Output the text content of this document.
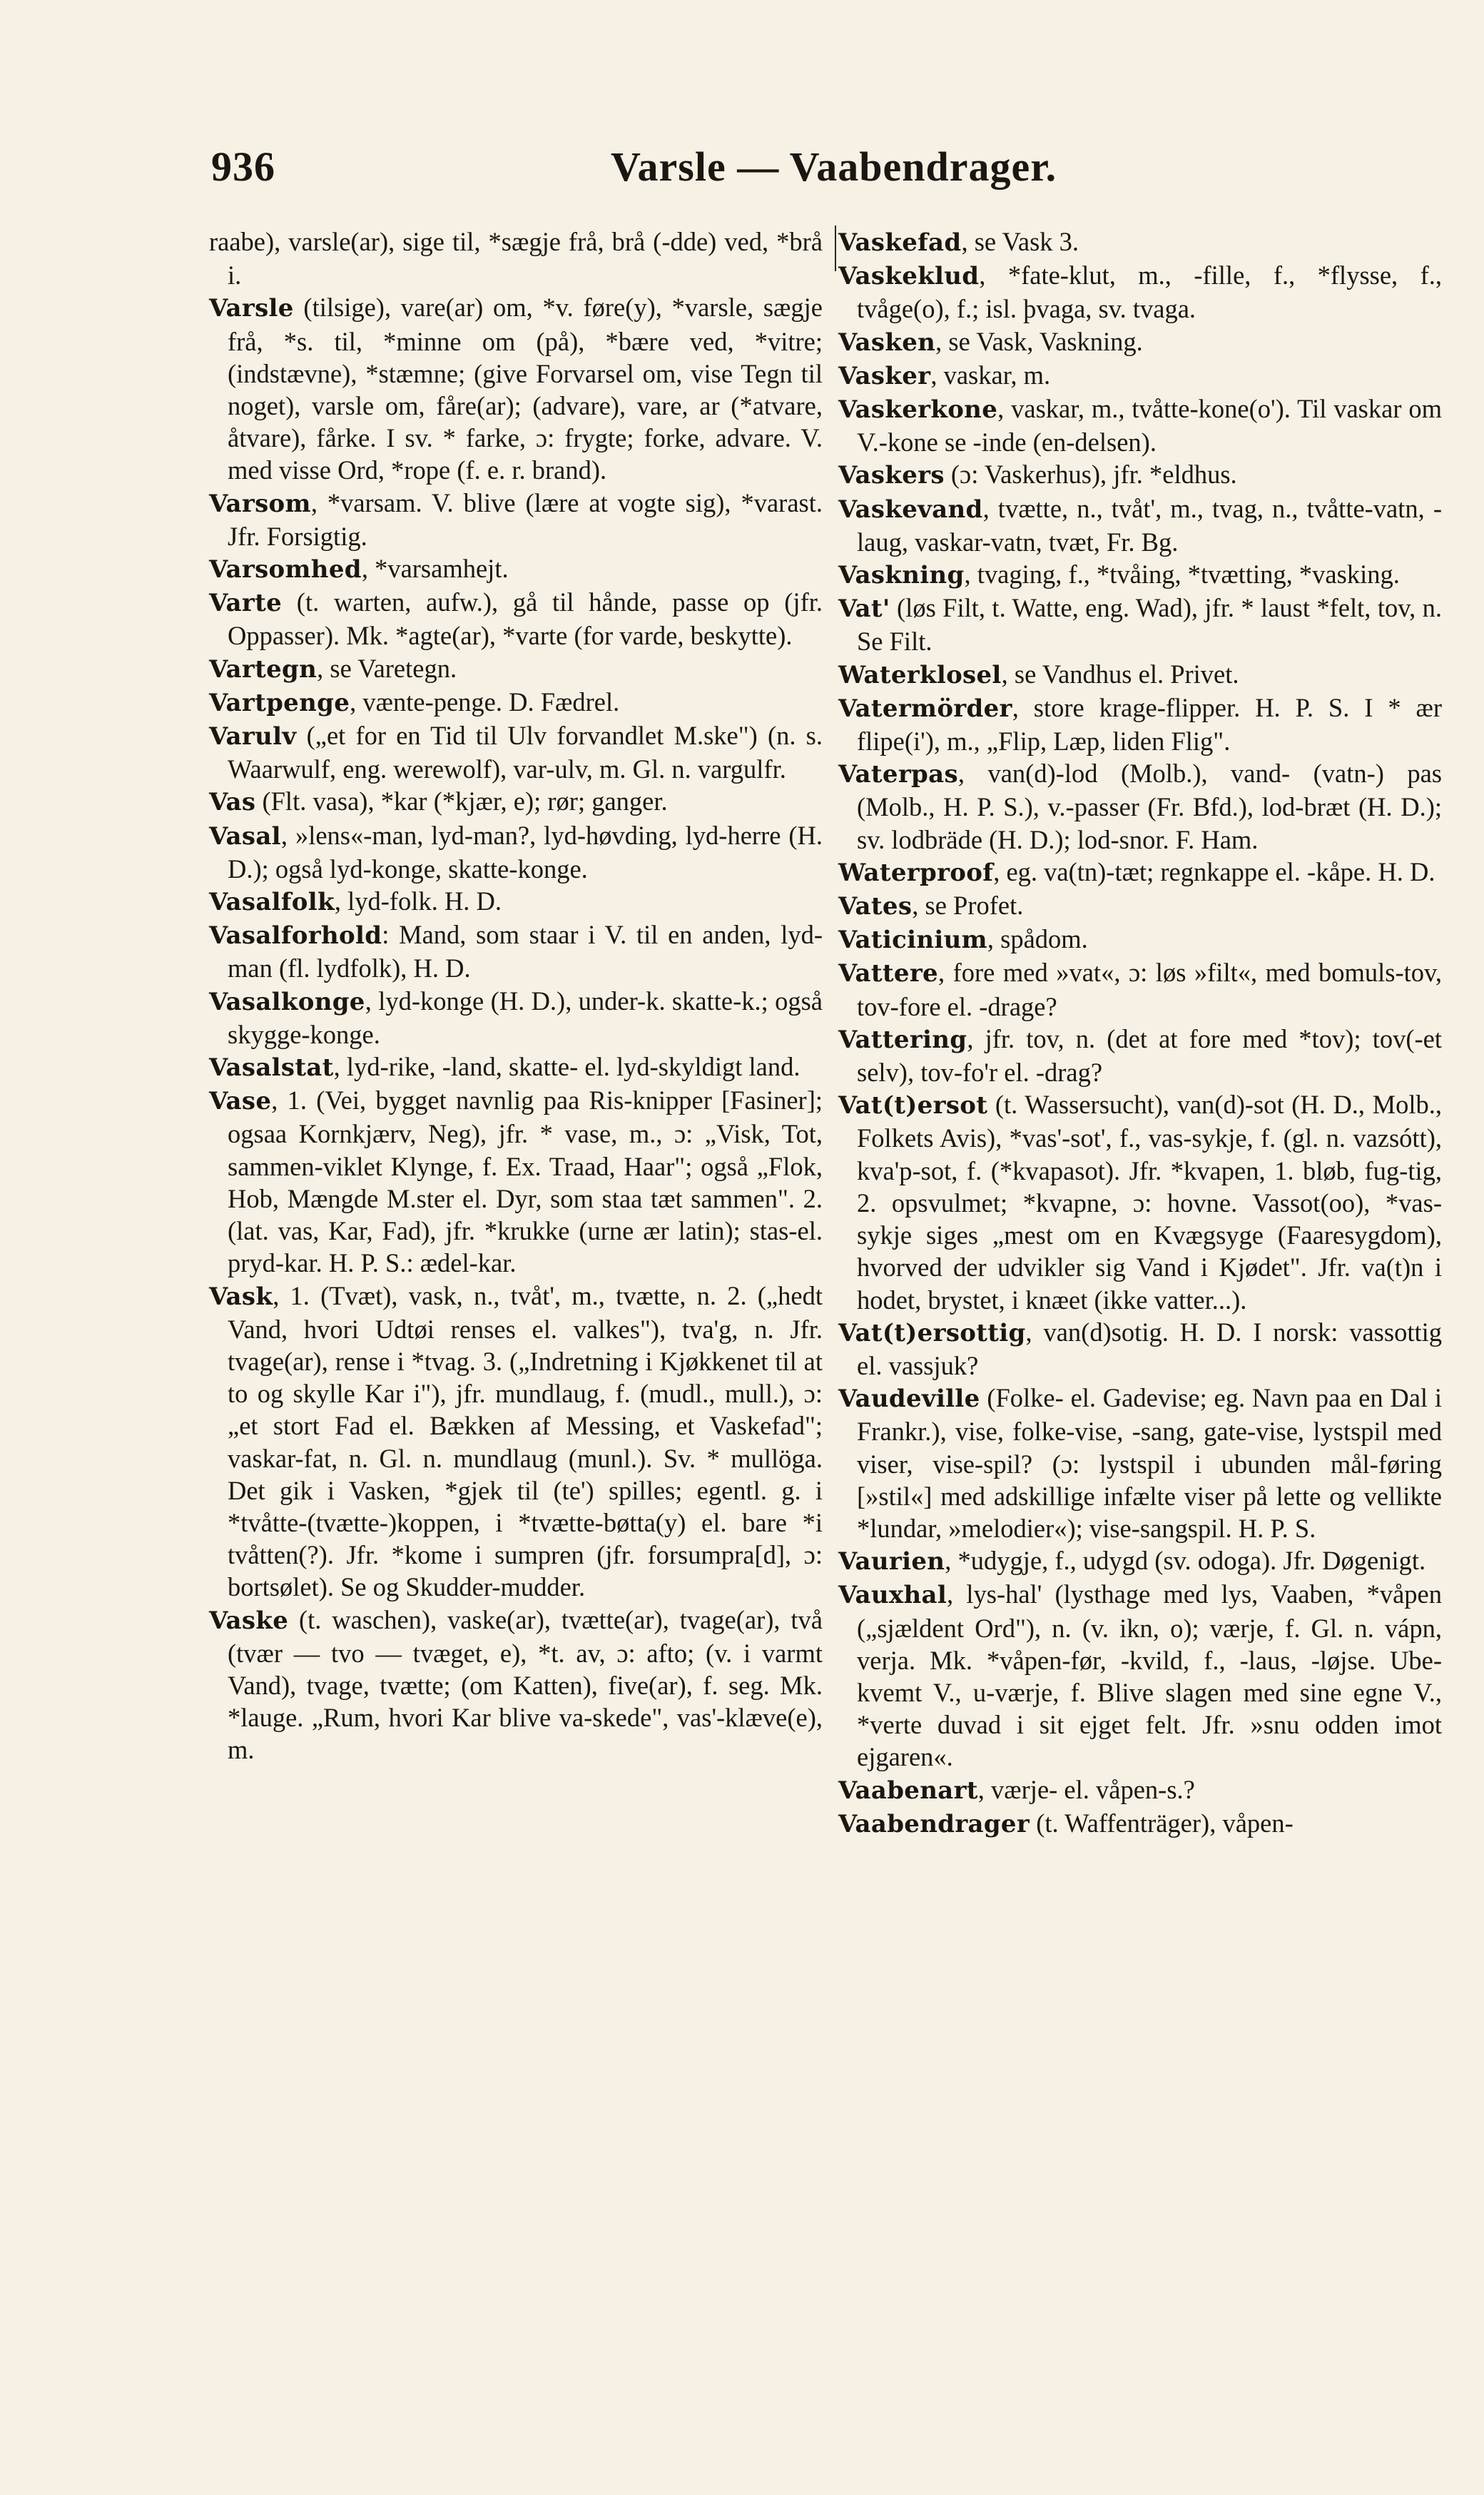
936	Varsle — Vaabendrager.

raabe), varsle(ar), sige til, *sægje frå, brå (-dde) ved, *brå i.

Varsle (tilsige), vare(ar) om, *v. føre(y), *varsle, sægje frå, *s. til, *minne om (på), *bære ved, *vitre; (indstævne), *stæmne; (give Forvarsel om, vise Tegn til noget), varsle om, fåre(ar); (advare), vare, ar (*atvare, åtvare), fårke. I sv. * farke, ɔ: frygte; forke, advare. V. med visse Ord, *rope (f. e. r. brand).

Varsom, *varsam. V. blive (lære at vogte sig), *varast. Jfr. Forsigtig.

Varsomhed, *varsamhejt.

Varte (t. warten, aufw.), gå til hånde, passe op (jfr. Oppasser). Mk. *agte(ar), *varte (for varde, beskytte).

Vartegn, se Varetegn.

Vartpenge, vænte-penge. D. Fædrel.

Varulv („et for en Tid til Ulv forvandlet M.ske") (n. s. Waarwulf, eng. werewolf), var-ulv, m. Gl. n. vargulfr.

Vas (Flt. vasa), *kar (*kjær, e); rør; ganger.

Vasal, »lens«-man, lyd-man?, lyd-høvding, lyd-herre (H. D.); også lyd-konge, skatte-konge.

Vasalfolk, lyd-folk. H. D.

Vasalforhold: Mand, som staar i V. til en anden, lyd-man (fl. lydfolk), H. D.

Vasalkonge, lyd-konge (H. D.), under-k. skatte-k.; også skygge-konge.

Vasalstat, lyd-rike, -land, skatte- el. lyd-skyldigt land.

Vase, 1. (Vei, bygget navnlig paa Ris-knipper [Fasiner]; ogsaa Kornkjærv, Neg), jfr. * vase, m., ɔ: „Visk, Tot, sammen-viklet Klynge, f. Ex. Traad, Haar"; også „Flok, Hob, Mængde M.ster el. Dyr, som staa tæt sammen". 2. (lat. vas, Kar, Fad), jfr. *krukke (urne ær latin); stas-el. pryd-kar. H. P. S.: ædel-kar.

Vask, 1. (Tvæt), vask, n., tvåt', m., tvætte, n. 2. („hedt Vand, hvori Udtøi renses el. valkes"), tva'g, n. Jfr. tvage(ar), rense i *tvag. 3. („Indretning i Kjøkkenet til at to og skylle Kar i"), jfr. mundlaug, f. (mudl., mull.), ɔ: „et stort Fad el. Bækken af Messing, et Vaskefad"; vaskar-fat, n. Gl. n. mundlaug (munl.). Sv. * mullöga. Det gik i Vasken, *gjek til (te') spilles; egentl. g. i *tvåtte-(tvætte-)koppen, i *tvætte-bøtta(y) el. bare *i tvåtten(?). Jfr. *kome i sumpren (jfr. forsumpra[d], ɔ: bortsølet). Se og Skudder-mudder.

Vaske (t. waschen), vaske(ar), tvætte(ar), tvage(ar), två (tvær — tvo — tvæget, e), *t. av, ɔ: afto; (v. i varmt Vand), tvage, tvætte; (om Katten), five(ar), f. seg. Mk. *lauge. „Rum, hvori Kar blive va-skede", vas'-klæve(e), m.

Vaskefad, se Vask 3.

Vaskeklud, *fate-klut, m., -fille, f., *flysse, f., tvåge(o), f.; isl. þvaga, sv. tvaga.

Vasken, se Vask, Vaskning.

Vasker, vaskar, m.

Vaskerkone, vaskar, m., tvåtte-kone(o'). Til vaskar om V.-kone se -inde (en-delsen).

Vaskers (ɔ: Vaskerhus), jfr. *eldhus.

Vaskevand, tvætte, n., tvåt', m., tvag, n., tvåtte-vatn, -laug, vaskar-vatn, tvæt, Fr. Bg.

Vaskning, tvaging, f., *tvåing, *tvætting, *vasking.

Vat' (løs Filt, t. Watte, eng. Wad), jfr. * laust *felt, tov, n. Se Filt.

Waterklosel, se Vandhus el. Privet.

Vatermörder, store krage-flipper. H. P. S. I * ær flipe(i'), m., „Flip, Læp, liden Flig".

Vaterpas, van(d)-lod (Molb.), vand- (vatn-) pas (Molb., H. P. S.), v.-passer (Fr. Bfd.), lod-bræt (H. D.); sv. lodbräde (H. D.); lod-snor. F. Ham.

Waterproof, eg. va(tn)-tæt; regnkappe el. -kåpe. H. D.

Vates, se Profet.

Vaticinium, spådom.

Vattere, fore med »vat«, ɔ: løs »filt«, med bomuls-tov, tov-fore el. -drage?

Vattering, jfr. tov, n. (det at fore med *tov); tov(-et selv), tov-fo'r el. -drag?

Vat(t)ersot (t. Wassersucht), van(d)-sot (H. D., Molb., Folkets Avis), *vas'-sot', f., vas-sykje, f. (gl. n. vazsótt), kva'p-sot, f. (*kvapasot). Jfr. *kvapen, 1. bløb, fug-tig, 2. opsvulmet; *kvapne, ɔ: hovne. Vassot(oo), *vas-sykje siges „mest om en Kvægsyge (Faaresygdom), hvorved der udvikler sig Vand i Kjødet". Jfr. va(t)n i hodet, brystet, i knæet (ikke vatter...).

Vat(t)ersottig, van(d)sotig. H. D. I norsk: vassottig el. vassjuk?

Vaudeville (Folke- el. Gadevise; eg. Navn paa en Dal i Frankr.), vise, folke-vise, -sang, gate-vise, lystspil med viser, vise-spil? (ɔ: lystspil i ubunden mål-føring [»stil«] med adskillige infælte viser på lette og vellikte *lundar, »melodier«); vise-sangspil. H. P. S.

Vaurien, *udygje, f., udygd (sv. odoga). Jfr. Døgenigt.

Vauxhal, lys-hal' (lysthage med lys, Vaaben, *våpen („sjældent Ord"), n. (v. ikn, o); værje, f. Gl. n. vápn, verja. Mk. *våpen-før, -kvild, f., -laus, -løjse. Ube-kvemt V., u-værje, f. Blive slagen med sine egne V., *verte duvad i sit ejget felt. Jfr. »snu odden imot ejgaren«.

Vaabenart, værje- el. våpen-s.?

Vaabendrager (t. Waffenträger), våpen-
